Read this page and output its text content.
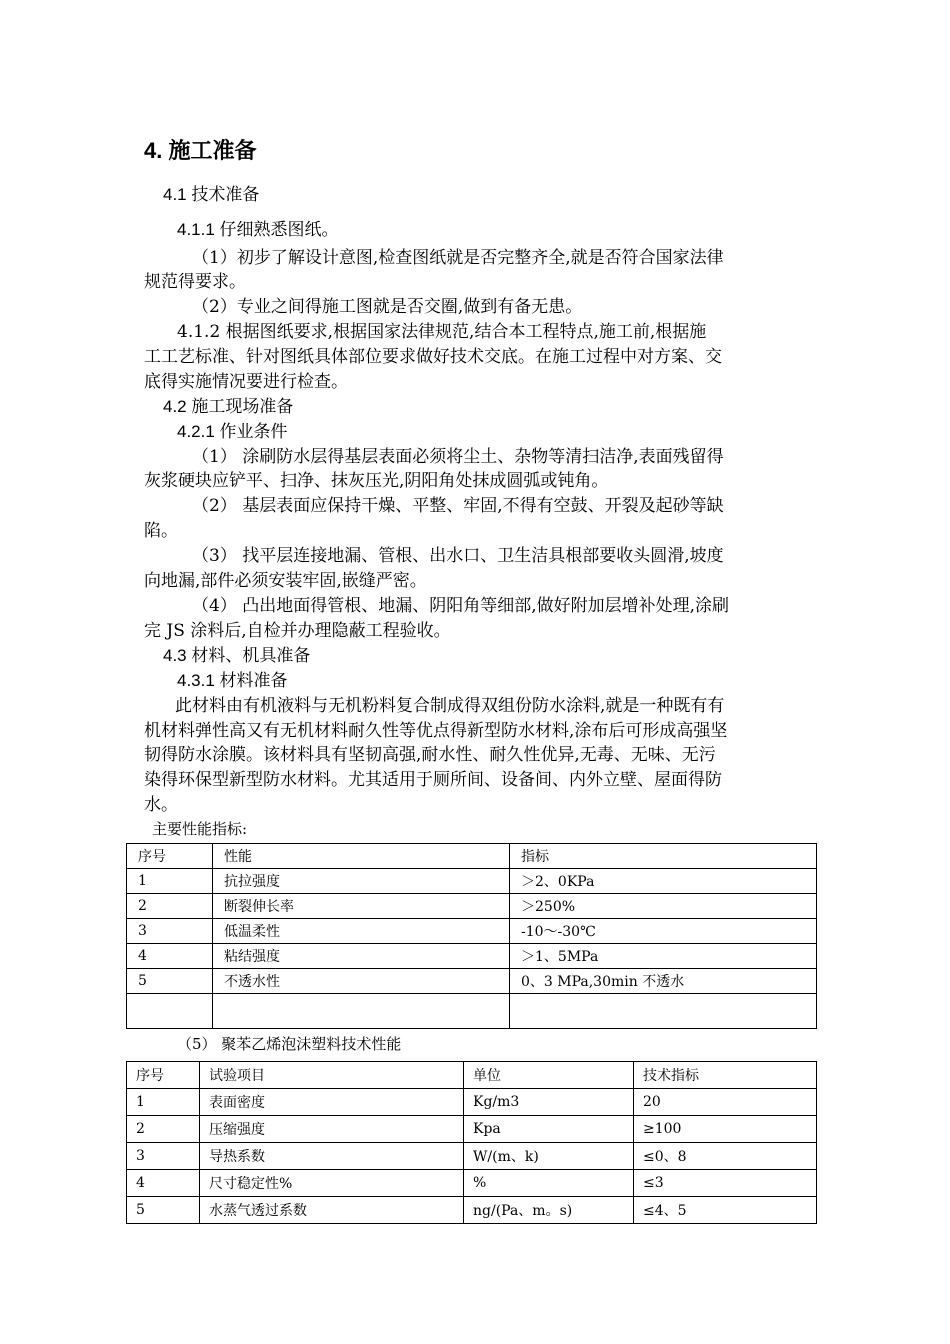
4. 施工准备
4.1 技术准备
4.1.1 仔细熟悉图纸。
（1）初步了解设计意图,检查图纸就是否完整齐全,就是否符合国家法律
规范得要求。
（2）专业之间得施工图就是否交圈,做到有备无患。
4.1.2 根据图纸要求,根据国家法律规范,结合本工程特点,施工前,根据施
工工艺标准、针对图纸具体部位要求做好技术交底。在施工过程中对方案、交
底得实施情况要进行检查。
4.2 施工现场准备
4.2.1 作业条件
（1） 涂刷防水层得基层表面必须将尘土、杂物等清扫洁净,表面残留得
灰浆硬块应铲平、扫净、抹灰压光,阴阳角处抹成圆弧或钝角。
（2） 基层表面应保持干燥、平整、牢固,不得有空鼓、开裂及起砂等缺
陷。
（3） 找平层连接地漏、管根、出水口、卫生洁具根部要收头圆滑,坡度
向地漏,部件必须安装牢固,嵌缝严密。
（4） 凸出地面得管根、地漏、阴阳角等细部,做好附加层增补处理,涂刷
完 JS 涂料后,自检并办理隐蔽工程验收。
4.3 材料、机具准备
4.3.1 材料准备
此材料由有机液料与无机粉料复合制成得双组份防水涂料,就是一种既有有
机材料弹性高又有无机材料耐久性等优点得新型防水材料,涂布后可形成高强坚
韧得防水涂膜。该材料具有坚韧高强,耐水性、耐久性优异,无毒、无味、无污
染得环保型新型防水材料。尤其适用于厕所间、设备间、内外立壁、屋面得防
水。
主要性能指标:
序号	性能	指标
1	抗拉强度	＞2、0KPa
2	断裂伸长率	＞250%
3	低温柔性	-10～-30℃
4	粘结强度	＞1、5MPa
5	不透水性	0、3 MPa,30min 不透水

（5） 聚苯乙烯泡沫塑料技术性能
序号	试验项目	单位	技术指标
1	表面密度	Kg/m3	20
2	压缩强度	Kpa	≥100
3	导热系数	W/(m、k)	≤0、8
4	尺寸稳定性%	%	≤3
5	水蒸气透过系数	ng/(Pa、m。s)	≤4、5
